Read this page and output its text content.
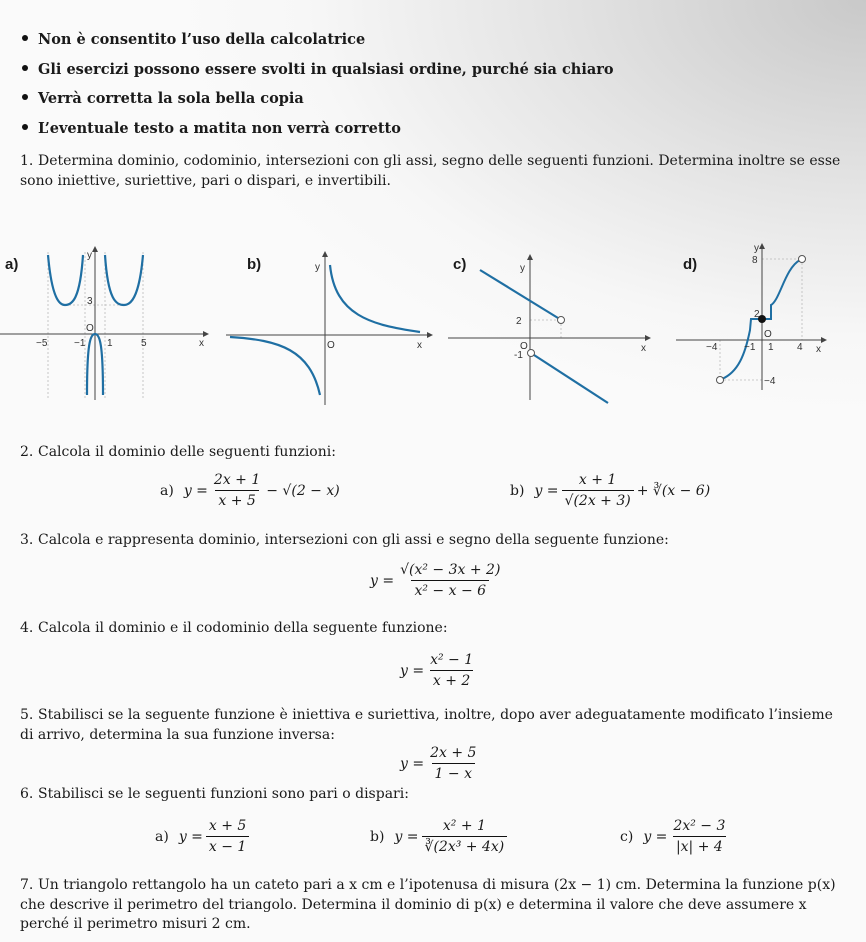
Non è consentito l’uso della calcolatrice
Gli esercizi possono essere svolti in qualsiasi ordine, purché sia chiaro
Verrà corretta la sola bella copia
L’eventuale testo a matita non verrà corretto
1. Determina dominio, codominio, intersezioni con gli assi, segno delle seguenti funzioni. Determina inoltre se esse sono iniettive, suriettive, pari o dispari, e invertibili.
a)	b)	c)	d)
−5	−1 1	5
3
O
x
y
O	x
y
2
O
-1
x
y
−4	−1 1 4
8
2
−4
O
x
y
2. Calcola il dominio delle seguenti funzioni:
a) $y = \frac{2x + 1}{x + 5} - √(2 - x)$	b) $y = \frac{x + 1}{√(2x + 3)}$ + ∛(x − 6)
3. Calcola e rappresenta dominio, intersezioni con gli assi e segno della seguente funzione:
$y = \frac{\text{√(x² − 3x + 2)}}{\text{x² − x − 6}}$
4. Calcola il dominio e il codominio della seguente funzione:
$y = \frac{\text{x² − 1}}{x + 2}$
5. Stabilisci se la seguente funzione è iniettiva e suriettiva, inoltre, dopo aver adeguatamente modificato l’insieme di arrivo, determina la sua funzione inversa:
$y = \frac{2x + 5}{1 - x}$
6. Stabilisci se le seguenti funzioni sono pari o dispari:
a) $y = \frac{x + 5}{x - 1}$	b) $y = \frac{\text{x² + 1}}{\text{∛(2x³ + 4x)}}$	c) $y = \frac{\text{2x² − 3}}{|x| + 4}$
7. Un triangolo rettangolo ha un cateto pari a x cm e l’ipotenusa di misura (2x − 1) cm. Determina la funzione p(x) che descrive il perimetro del triangolo. Determina il dominio di p(x) e determina il valore che deve assumere x perché il perimetro misuri 2 cm.
